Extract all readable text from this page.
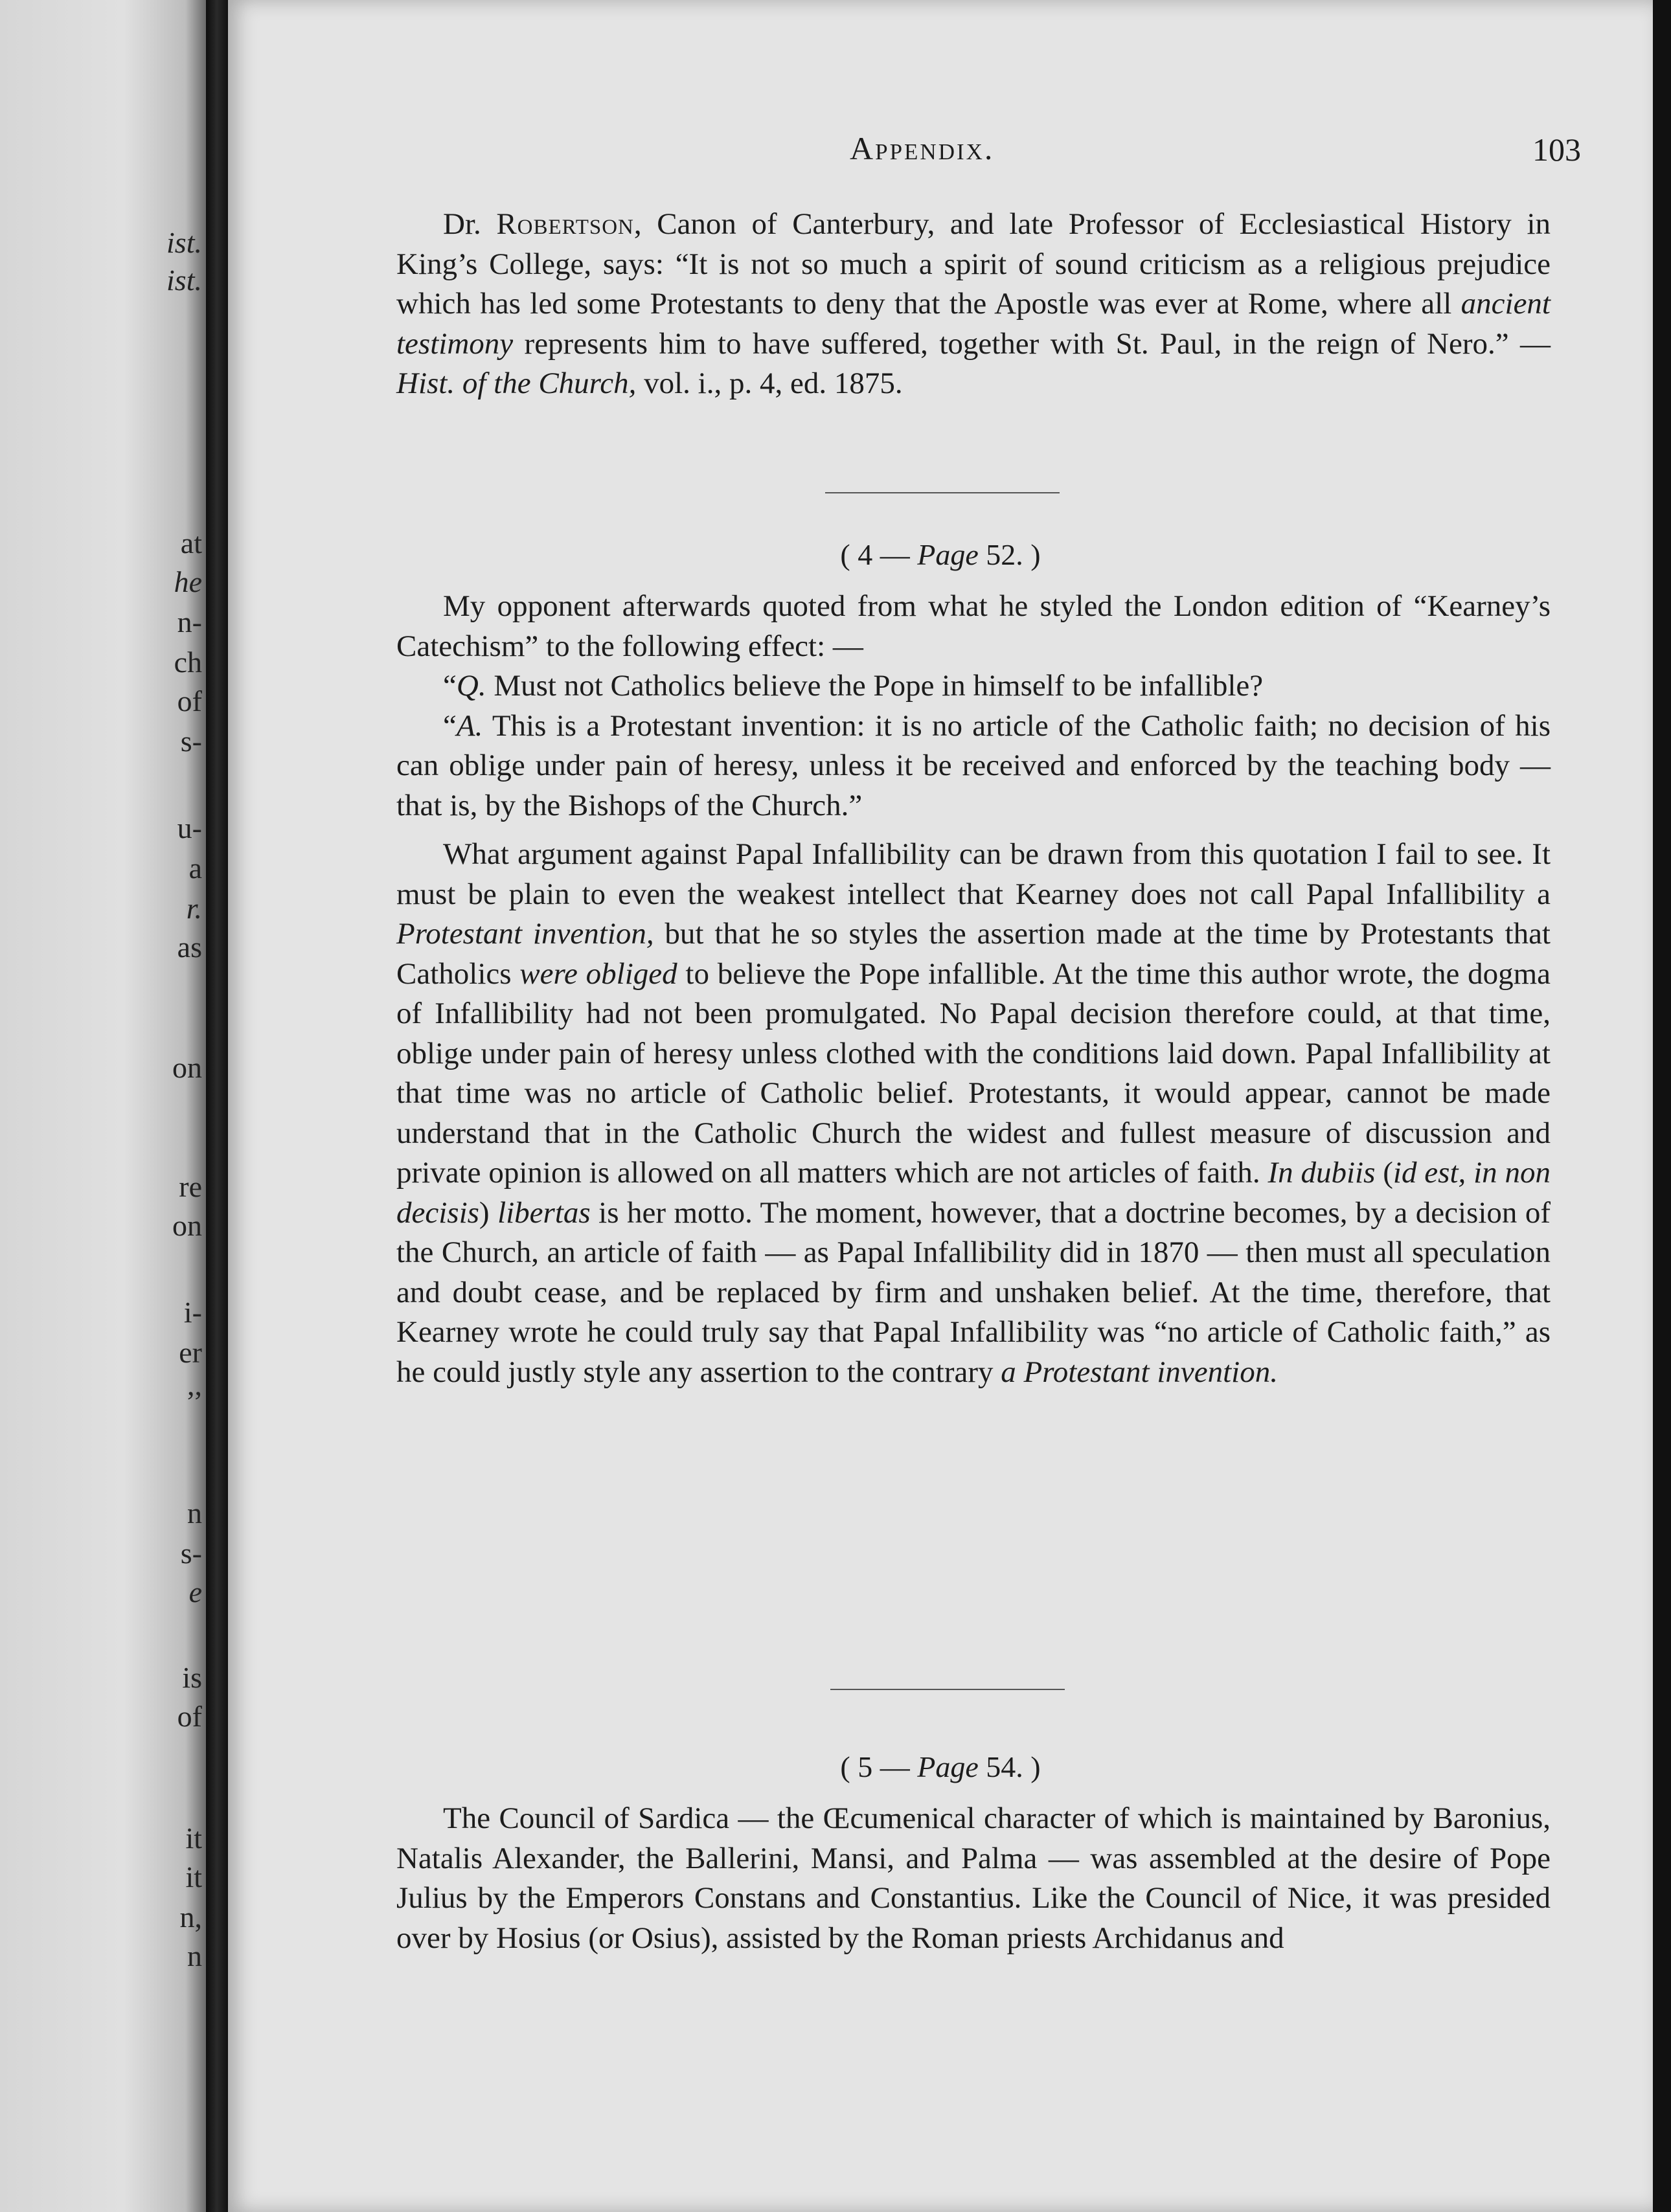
ist.
ist.
at
he
n-
ch
of
s-
u-
a
r.
as
on
re
on
i-
er
,,
n
s-
e
is
of
it
it
n,
n
Appendix.	103

Dr. Robertson, Canon of Canterbury, and late Professor of Ecclesiastical History in King’s College, says: “It is not so much a spirit of sound criticism as a religious prejudice which has led some Protestants to deny that the Apostle was ever at Rome, where all ancient testimony represents him to have suffered, together with St. Paul, in the reign of Nero.” — Hist. of the Church, vol. i., p. 4, ed. 1875.

( 4 — Page 52. )

My opponent afterwards quoted from what he styled the London edition of “Kearney’s Catechism” to the following effect: —

“Q. Must not Catholics believe the Pope in himself to be infallible?

“A. This is a Protestant invention: it is no article of the Catholic faith; no decision of his can oblige under pain of heresy, unless it be received and enforced by the teaching body — that is, by the Bishops of the Church.”

What argument against Papal Infallibility can be drawn from this quotation I fail to see. It must be plain to even the weakest intellect that Kearney does not call Papal Infallibility a Protestant invention, but that he so styles the assertion made at the time by Protestants that Catholics were obliged to believe the Pope infallible. At the time this author wrote, the dogma of Infallibility had not been promulgated. No Papal decision therefore could, at that time, oblige under pain of heresy unless clothed with the conditions laid down. Papal Infallibility at that time was no article of Catholic belief. Protestants, it would appear, cannot be made understand that in the Catholic Church the widest and fullest measure of discussion and private opinion is allowed on all matters which are not articles of faith. In dubiis (id est, in non decisis) libertas is her motto. The moment, however, that a doctrine becomes, by a decision of the Church, an article of faith — as Papal Infallibility did in 1870 — then must all speculation and doubt cease, and be replaced by firm and unshaken belief. At the time, therefore, that Kearney wrote he could truly say that Papal Infallibility was “no article of Catholic faith,” as he could justly style any assertion to the contrary a Protestant invention.

( 5 — Page 54. )

The Council of Sardica — the Œcumenical character of which is maintained by Baronius, Natalis Alexander, the Ballerini, Mansi, and Palma — was assembled at the desire of Pope Julius by the Emperors Constans and Constantius. Like the Council of Nice, it was presided over by Hosius (or Osius), assisted by the Roman priests Archidanus and
